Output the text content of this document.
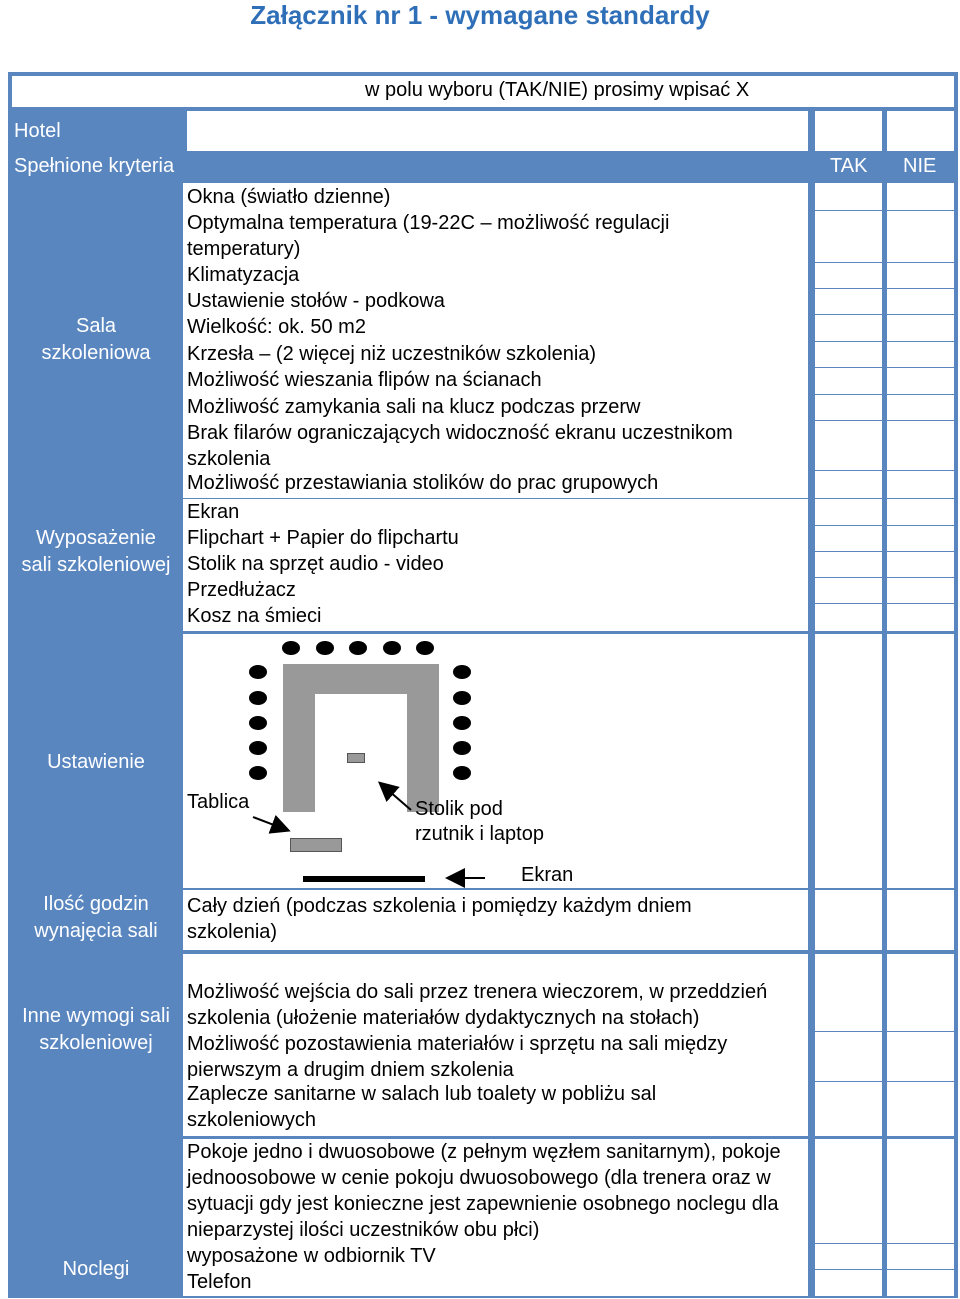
Załącznik nr 1 - wymagane standardy
w polu wyboru (TAK/NIE) prosimy wpisać X
Hotel
Spełnione kryteria	TAK NIE
Sala szkoleniowa
Okna (światło dzienne)
Optymalna temperatura (19-22C – możliwość regulacji temperatury)
Klimatyzacja
Ustawienie stołów - podkowa
Wielkość: ok. 50 m2
Krzesła – (2 więcej niż uczestników szkolenia)
Możliwość wieszania flipów na ścianach
Możliwość zamykania sali na klucz podczas przerw
Brak filarów ograniczających widoczność ekranu uczestnikom szkolenia
Możliwość przestawiania stolików do prac grupowych
Wyposażenie sali szkoleniowej
Ekran
Flipchart + Papier do flipchartu
Stolik na sprzęt audio - video
Przedłużacz
Kosz na śmieci
Ustawienie
Tablica	Stolik pod rzutnik i laptop
Ekran
Ilość godzin wynajęcia sali
Cały dzień (podczas szkolenia i pomiędzy każdym dniem szkolenia)
Inne wymogi sali szkoleniowej
Możliwość wejścia do sali przez trenera wieczorem, w przeddzień szkolenia (ułożenie materiałów dydaktycznych na stołach)
Możliwość pozostawienia materiałów i sprzętu na sali między pierwszym a drugim dniem szkolenia
Zaplecze sanitarne w salach lub toalety w pobliżu sal szkoleniowych
Noclegi
Pokoje jedno i dwuosobowe (z pełnym węzłem sanitarnym), pokoje jednoosobowe w cenie pokoju dwuosobowego (dla trenera oraz w sytuacji gdy jest konieczne jest zapewnienie osobnego noclegu dla nieparzystej ilości uczestników obu płci)
wyposażone w odbiornik TV
Telefon
